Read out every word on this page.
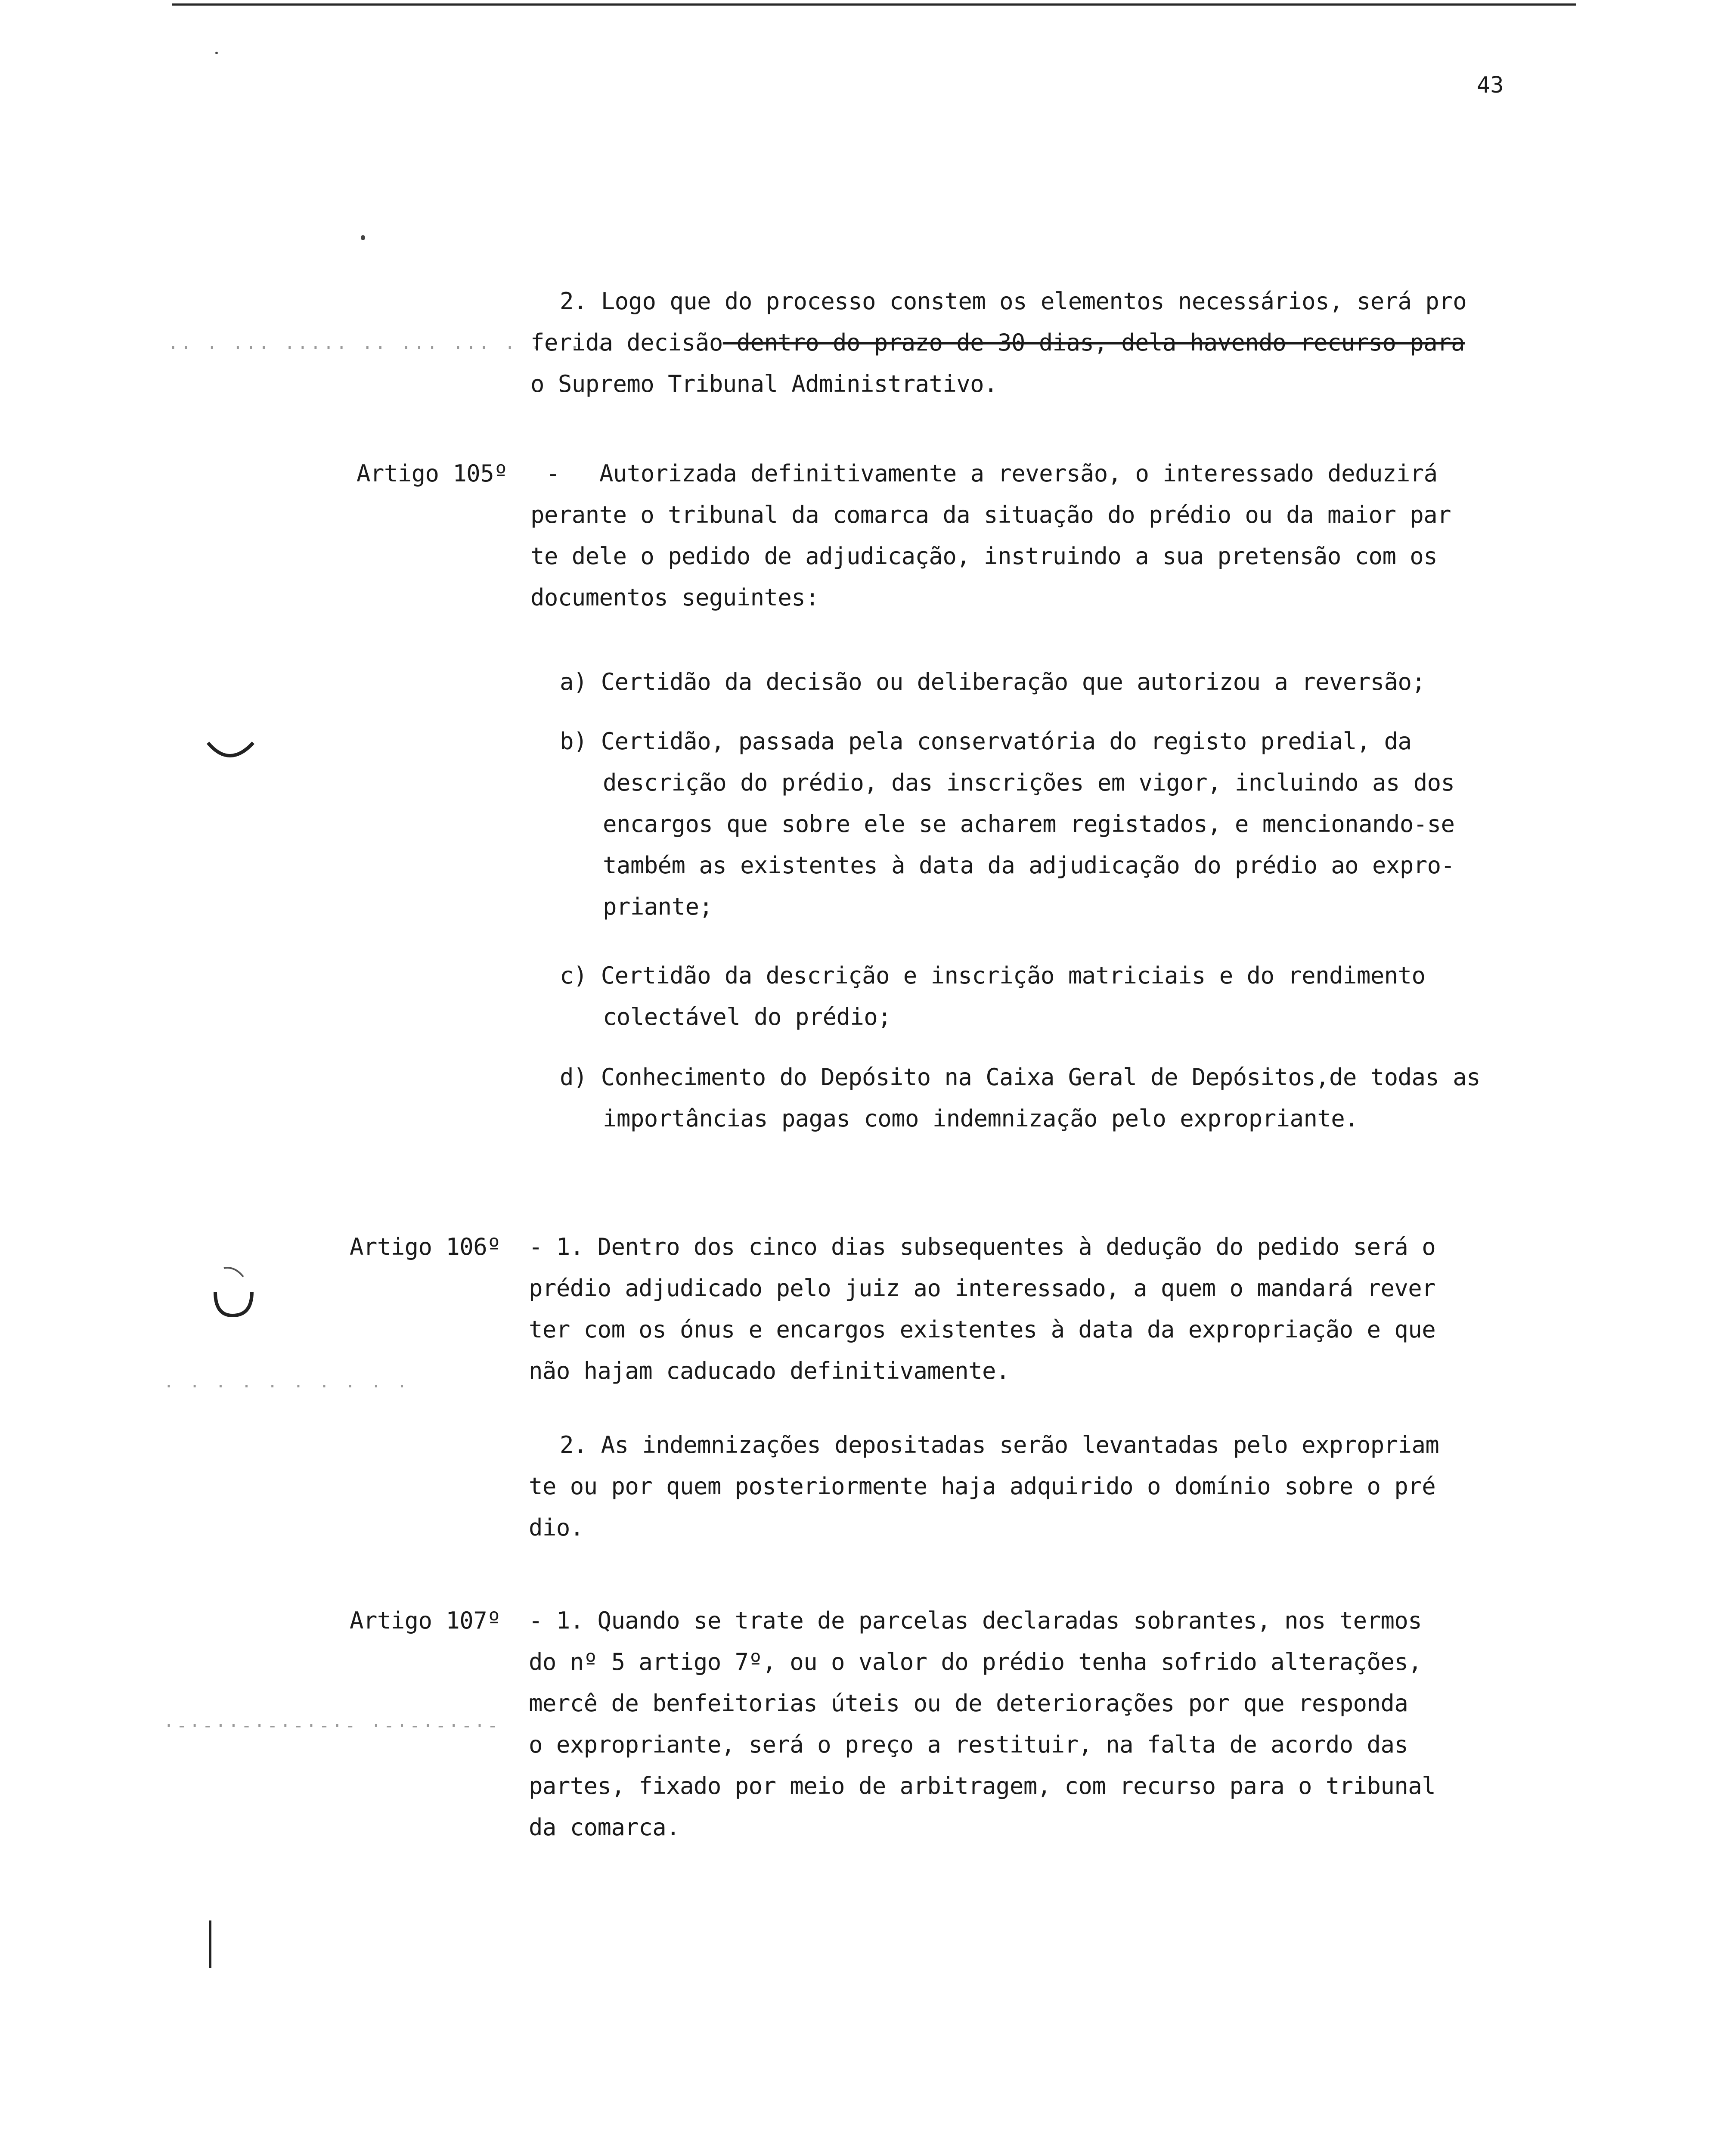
43
·· · ··· ····· ·· ··· ··· · ·· · ·
· · · · · · · · · ·
·-·-··-·-·-·-·- ·-·-·-·-·-
2. Logo que do processo constem os elementos necessários, será pro
ferida decisão dentro do prazo de 30 dias, dela havendo recurso para
o Supremo Tribunal Administrativo.
Artigo 105º - Autorizada definitivamente a reversão, o interessado deduzirá
perante o tribunal da comarca da situação do prédio ou da maior par
te dele o pedido de adjudicação, instruindo a sua pretensão com os
documentos seguintes:
a) Certidão da decisão ou deliberação que autorizou a reversão;
b) Certidão, passada pela conservatória do registo predial, da
descrição do prédio, das inscrições em vigor, incluindo as dos
encargos que sobre ele se acharem registados, e mencionando-se
também as existentes à data da adjudicação do prédio ao expro-
priante;
c) Certidão da descrição e inscrição matriciais e do rendimento
colectável do prédio;
d) Conhecimento do Depósito na Caixa Geral de Depósitos,de todas as
importâncias pagas como indemnização pelo expropriante.
Artigo 106º - 1. Dentro dos cinco dias subsequentes à dedução do pedido será o
prédio adjudicado pelo juiz ao interessado, a quem o mandará rever
ter com os ónus e encargos existentes à data da expropriação e que
não hajam caducado definitivamente.
2. As indemnizações depositadas serão levantadas pelo expropriam
te ou por quem posteriormente haja adquirido o domínio sobre o pré
dio.
Artigo 107º - 1. Quando se trate de parcelas declaradas sobrantes, nos termos
do nº 5 artigo 7º, ou o valor do prédio tenha sofrido alterações,
mercê de benfeitorias úteis ou de deteriorações por que responda
o expropriante, será o preço a restituir, na falta de acordo das
partes, fixado por meio de arbitragem, com recurso para o tribunal
da comarca.
